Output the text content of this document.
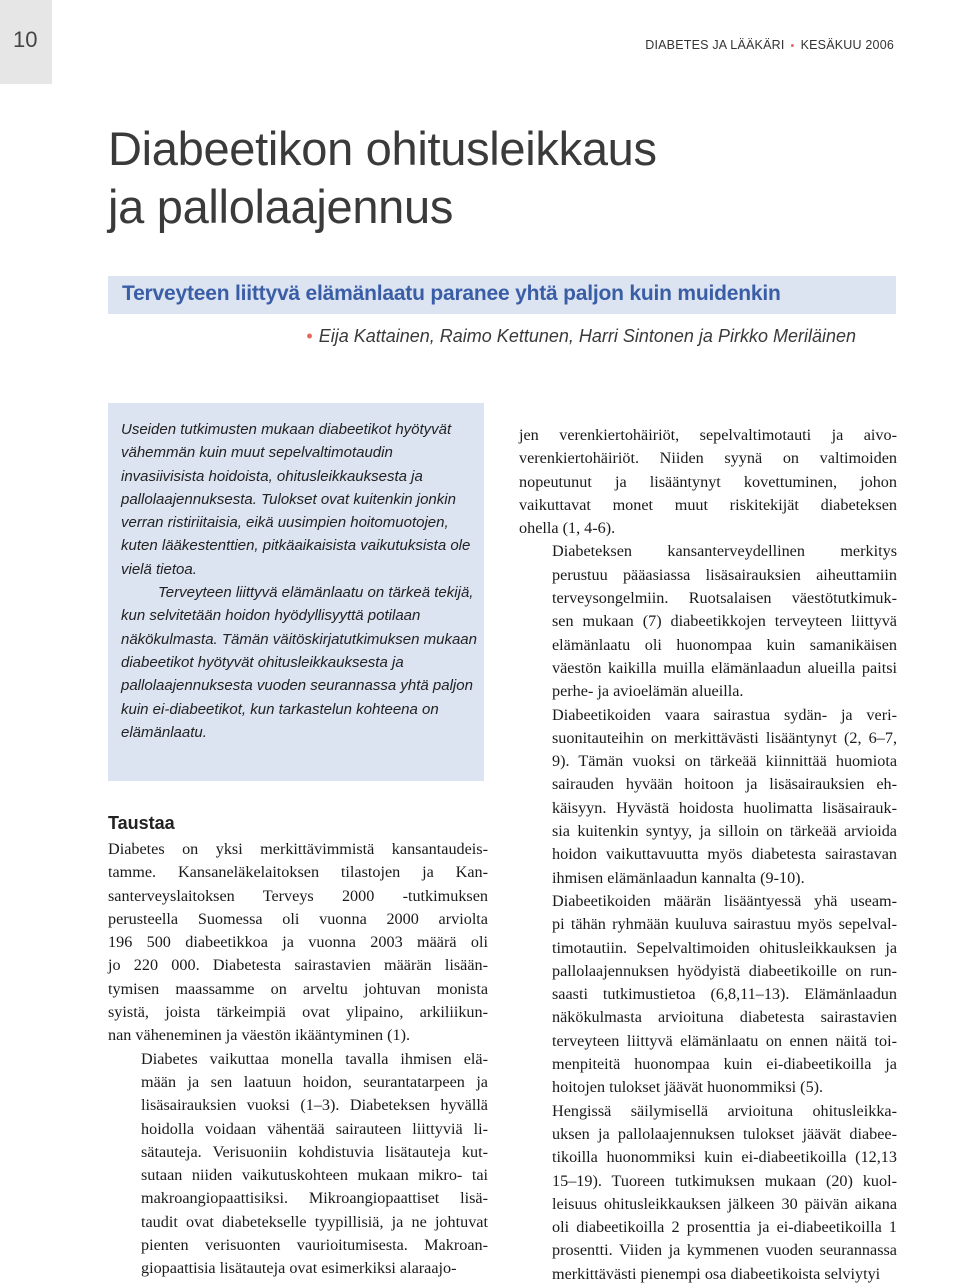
10	DIABETES JA LÄÄKÄRI • KESÄKUU 2006
Diabeetikon ohitusleikkaus
ja pallolaajennus
Terveyteen liittyvä elämänlaatu paranee yhtä paljon kuin muidenkin
• Eija Kattainen, Raimo Kettunen, Harri Sintonen ja Pirkko Meriläinen

Useiden tutkimusten mukaan diabeetikot hyötyvät vähemmän kuin muut sepelvaltimotaudin invasiivisista hoidoista, ohitusleikkauksesta ja pallolaajennuksesta. Tulokset ovat kuitenkin jonkin verran ristiriitaisia, eikä uusimpien hoitomuotojen, kuten lääkestenttien, pitkäaikaisista vaikutuksista ole vielä tietoa.

Terveyteen liittyvä elämänlaatu on tärkeä tekijä, kun selvitetään hoidon hyödyllisyyttä potilaan näkökulmasta. Tämän väitöskirjatutkimuksen mukaan diabeetikot hyötyvät ohitusleikkauksesta ja pallolaajennuksesta vuoden seurannassa yhtä paljon kuin ei-diabeetikot, kun tarkastelun kohteena on elämänlaatu.

Taustaa

Diabetes on yksi merkittävimmistä kansantaudeis-
tamme. Kansaneläkelaitoksen tilastojen ja Kan-
santerveyslaitoksen Terveys 2000 -tutkimuksen
perusteella Suomessa oli vuonna 2000 arviolta
196 500 diabeetikkoa ja vuonna 2003 määrä oli
jo 220 000. Diabetesta sairastavien määrän lisään-
tymisen maassamme on arveltu johtuvan monista
syistä, joista tärkeimpiä ovat ylipaino, arkiliikun-
nan väheneminen ja väestön ikääntyminen (1).

Diabetes vaikuttaa monella tavalla ihmisen elä-
mään ja sen laatuun hoidon, seurantatarpeen ja
lisäsairauksien vuoksi (1–3). Diabeteksen hyvällä
hoidolla voidaan vähentää sairauteen liittyviä li-
sätauteja. Verisuoniin kohdistuvia lisätauteja kut-
sutaan niiden vaikutuskohteen mukaan mikro- tai
makroangiopaattisiksi. Mikroangiopaattiset lisä-
taudit ovat diabetekselle tyypillisiä, ja ne johtuvat
pienten verisuonten vaurioitumisesta. Makroan-
giopaattisia lisätauteja ovat esimerkiksi alaraajo-

jen verenkiertohäiriöt, sepelvaltimotauti ja aivo-
verenkiertohäiriöt. Niiden syynä on valtimoiden
nopeutunut ja lisääntynyt kovettuminen, johon
vaikuttavat monet muut riskitekijät diabeteksen
ohella (1, 4-6).

Diabeteksen kansanterveydellinen merkitys
perustuu pääasiassa lisäsairauksien aiheuttamiin
terveysongelmiin. Ruotsalaisen väestötutkimuk-
sen mukaan (7) diabeetikkojen terveyteen liittyvä
elämänlaatu oli huonompaa kuin samanikäisen
väestön kaikilla muilla elämänlaadun alueilla paitsi
perhe- ja avioelämän alueilla.

Diabeetikoiden vaara sairastua sydän- ja veri-
suonitauteihin on merkittävästi lisääntynyt (2, 6–7,
9). Tämän vuoksi on tärkeää kiinnittää huomiota
sairauden hyvään hoitoon ja lisäsairauksien eh-
käisyyn. Hyvästä hoidosta huolimatta lisäsairauk-
sia kuitenkin syntyy, ja silloin on tärkeää arvioida
hoidon vaikuttavuutta myös diabetesta sairastavan
ihmisen elämänlaadun kannalta (9-10).

Diabeetikoiden määrän lisääntyessä yhä useam-
pi tähän ryhmään kuuluva sairastuu myös sepelval-
timotautiin. Sepelvaltimoiden ohitusleikkauksen ja
pallolaajennuksen hyödyistä diabeetikoille on run-
saasti tutkimustietoa (6,8,11–13). Elämänlaadun
näkökulmasta arvioituna diabetesta sairastavien
terveyteen liittyvä elämänlaatu on ennen näitä toi-
menpiteitä huonompaa kuin ei-diabeetikoilla ja
hoitojen tulokset jäävät huonommiksi (5).

Hengissä säilymisellä arvioituna ohitusleikka-
uksen ja pallolaajennuksen tulokset jäävät diabee-
tikoilla huonommiksi kuin ei-diabeetikoilla (12,13
15–19). Tuoreen tutkimuksen mukaan (20) kuol-
leisuus ohitusleikkauksen jälkeen 30 päivän aikana
oli diabeetikoilla 2 prosenttia ja ei-diabeetikoilla 1
prosentti. Viiden ja kymmenen vuoden seurannassa
merkittävästi pienempi osa diabeetikoista selviytyi
